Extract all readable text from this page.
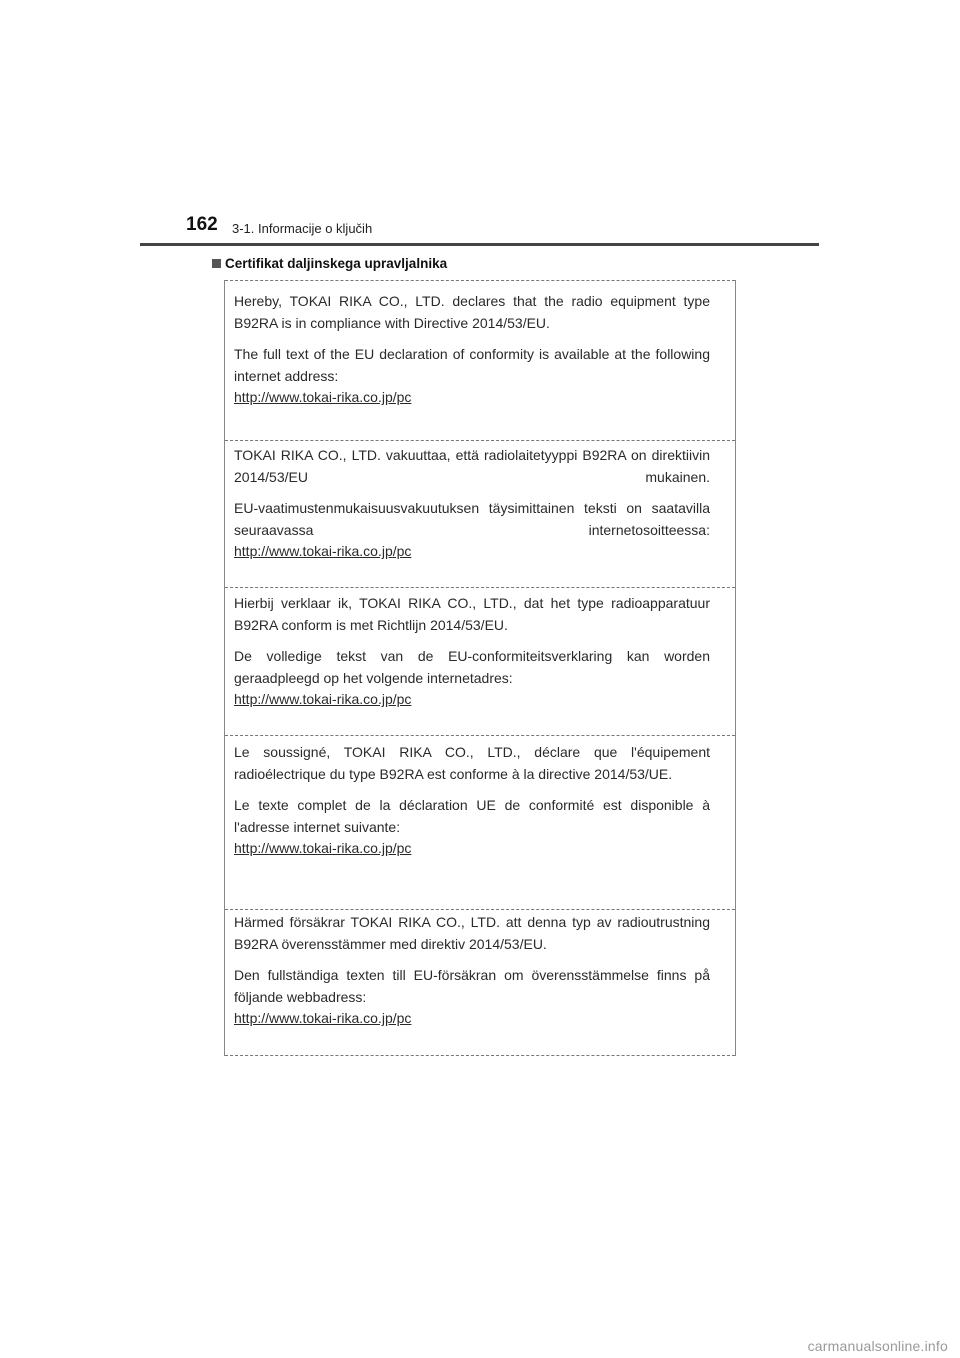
162 3-1. Informacije o ključih
Certifikat daljinskega upravljalnika

Hereby, TOKAI RIKA CO., LTD. declares that the radio equipment type B92RA is in compliance with Directive 2014/53/EU.

The full text of the EU declaration of conformity is available at the following internet address:

http://www.tokai-rika.co.jp/pc

TOKAI RIKA CO., LTD. vakuuttaa, että radiolaitetyyppi B92RA on direktiivin 2014/53/EU mukainen.

EU-vaatimustenmukaisuusvakuutuksen täysimittainen teksti on saatavilla seuraavassa internetosoitteessa:

http://www.tokai-rika.co.jp/pc

Hierbij verklaar ik, TOKAI RIKA CO., LTD., dat het type radioapparatuur B92RA conform is met Richtlijn 2014/53/EU.

De volledige tekst van de EU-conformiteitsverklaring kan worden geraadpleegd op het volgende internetadres:

http://www.tokai-rika.co.jp/pc

Le soussigné, TOKAI RIKA CO., LTD., déclare que l'équipement radioélectrique du type B92RA est conforme à la directive 2014/53/UE.

Le texte complet de la déclaration UE de conformité est disponible à l'adresse internet suivante:

http://www.tokai-rika.co.jp/pc

Härmed försäkrar TOKAI RIKA CO., LTD. att denna typ av radioutrustning B92RA överensstämmer med direktiv 2014/53/EU.

Den fullständiga texten till EU-försäkran om överensstämmelse finns på följande webbadress:

http://www.tokai-rika.co.jp/pc
carmanualsonline.info
